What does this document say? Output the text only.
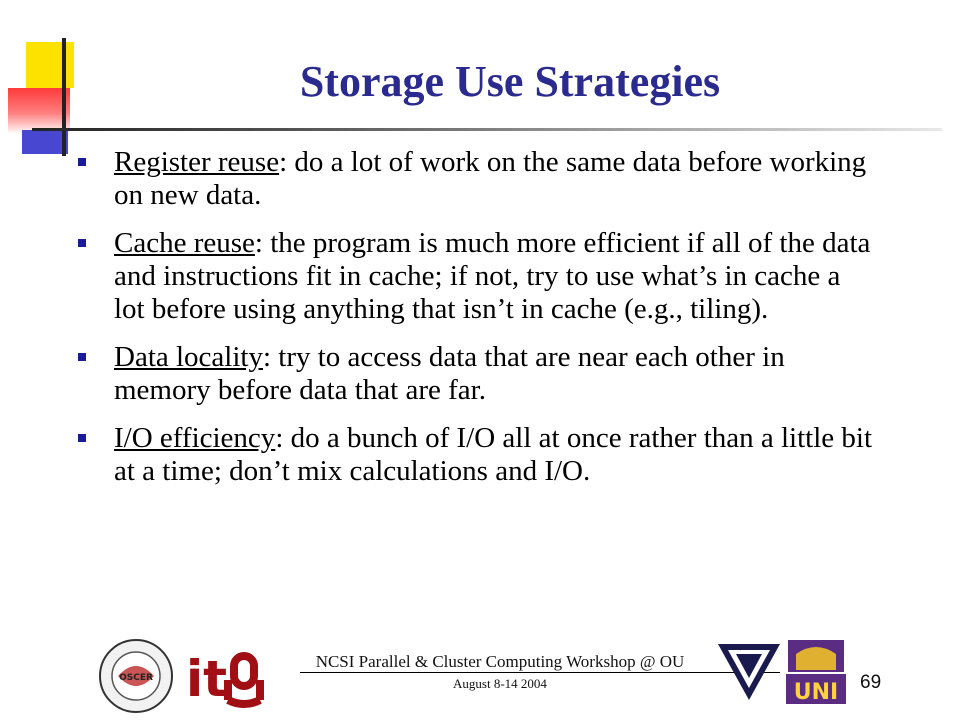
Storage Use Strategies
Register reuse: do a lot of work on the same data before working on new data.
Cache reuse: the program is much more efficient if all of the data and instructions fit in cache; if not, try to use what’s in cache a lot before using anything that isn’t in cache (e.g., tiling).
Data locality: try to access data that are near each other in memory before data that are far.
I/O efficiency: do a bunch of I/O all at once rather than a little bit at a time; don’t mix calculations and I/O.
OSCER it	NCSI Parallel & Cluster Computing Workshop @ OU
August 8-14 2004	UNI 69
